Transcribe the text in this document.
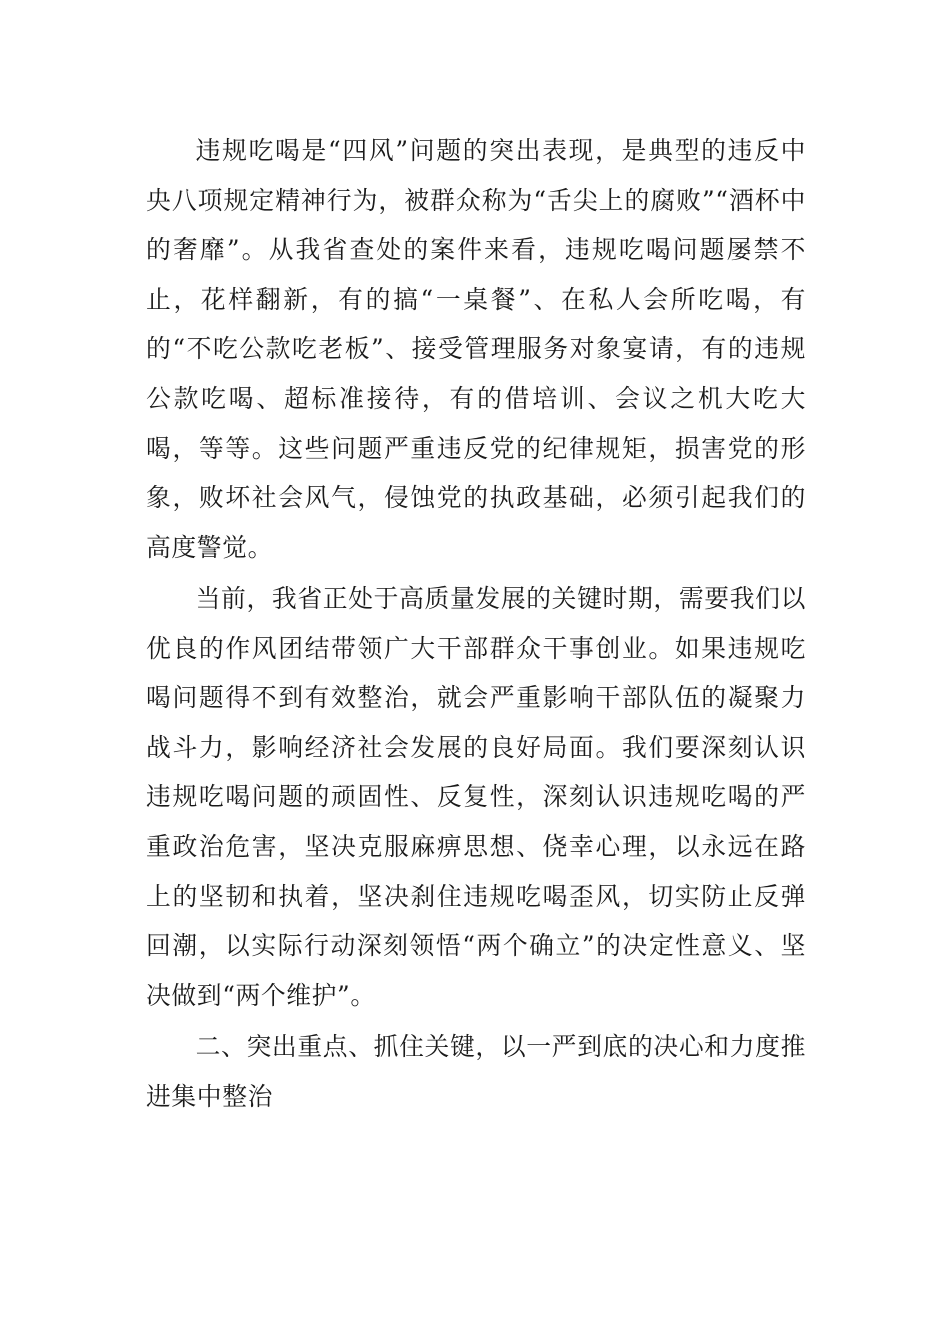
违规吃喝是“四风”问题的突出表现，是典型的违反中央八项规定精神行为，被群众称为“舌尖上的腐败”“酒杯中的奢靡”。从我省查处的案件来看，违规吃喝问题屡禁不止，花样翻新，有的搞“一桌餐”、在私人会所吃喝，有的“不吃公款吃老板”、接受管理服务对象宴请，有的违规公款吃喝、超标准接待，有的借培训、会议之机大吃大喝，等等。这些问题严重违反党的纪律规矩，损害党的形象，败坏社会风气，侵蚀党的执政基础，必须引起我们的高度警觉。

当前，我省正处于高质量发展的关键时期，需要我们以优良的作风团结带领广大干部群众干事创业。如果违规吃喝问题得不到有效整治，就会严重影响干部队伍的凝聚力战斗力，影响经济社会发展的良好局面。我们要深刻认识违规吃喝问题的顽固性、反复性，深刻认识违规吃喝的严重政治危害，坚决克服麻痹思想、侥幸心理，以永远在路上的坚韧和执着，坚决刹住违规吃喝歪风，切实防止反弹回潮，以实际行动深刻领悟“两个确立”的决定性意义、坚决做到“两个维护”。

二、突出重点、抓住关键，以一严到底的决心和力度推进集中整治
